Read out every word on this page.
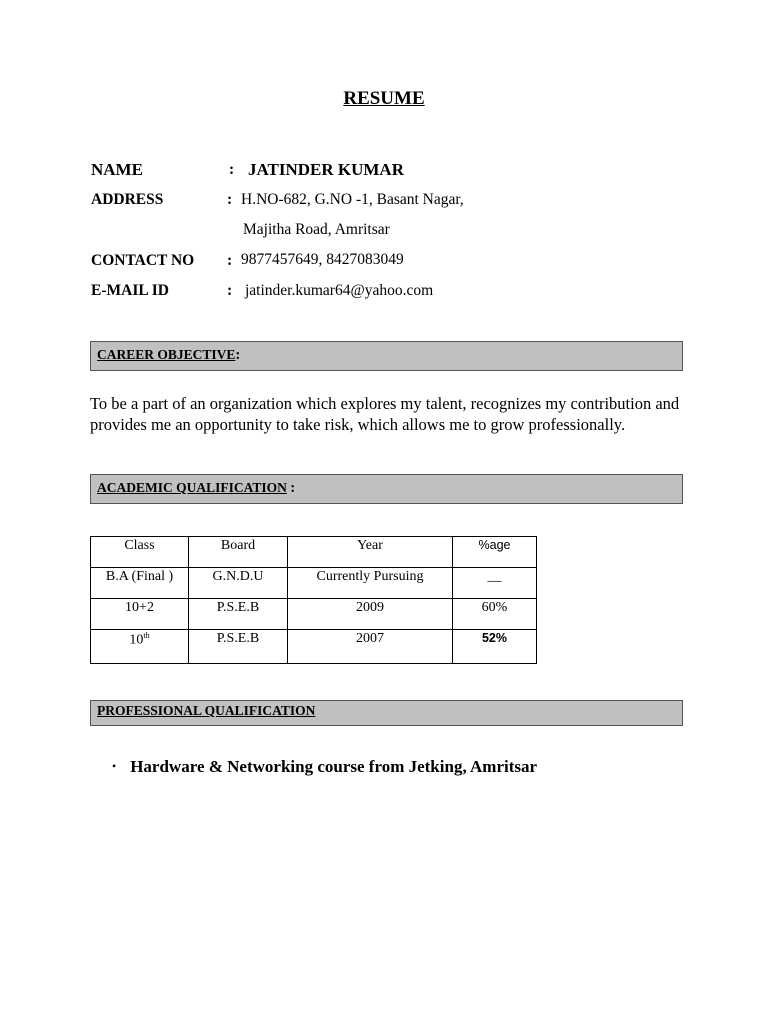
RESUME
NAME	: JATINDER KUMAR
ADDRESS	: H.NO-682, G.NO -1, Basant Nagar,
Majitha Road, Amritsar
CONTACT NO : 9877457649, 8427083049
E-MAIL ID	: jatinder.kumar64@yahoo.com
CAREER OBJECTIVE:
To be a part of an organization which explores my talent, recognizes my contribution and provides me an opportunity to take risk, which allows me to grow professionally.
ACADEMIC QUALIFICATION :
Class	Board	Year	%age
B.A (Final )	G.N.D.U	Currently Pursuing	__
10+2	P.S.E.B	2009	60%
10th	P.S.E.B	2007	52%
PROFESSIONAL QUALIFICATION
• Hardware & Networking course from Jetking, Amritsar
